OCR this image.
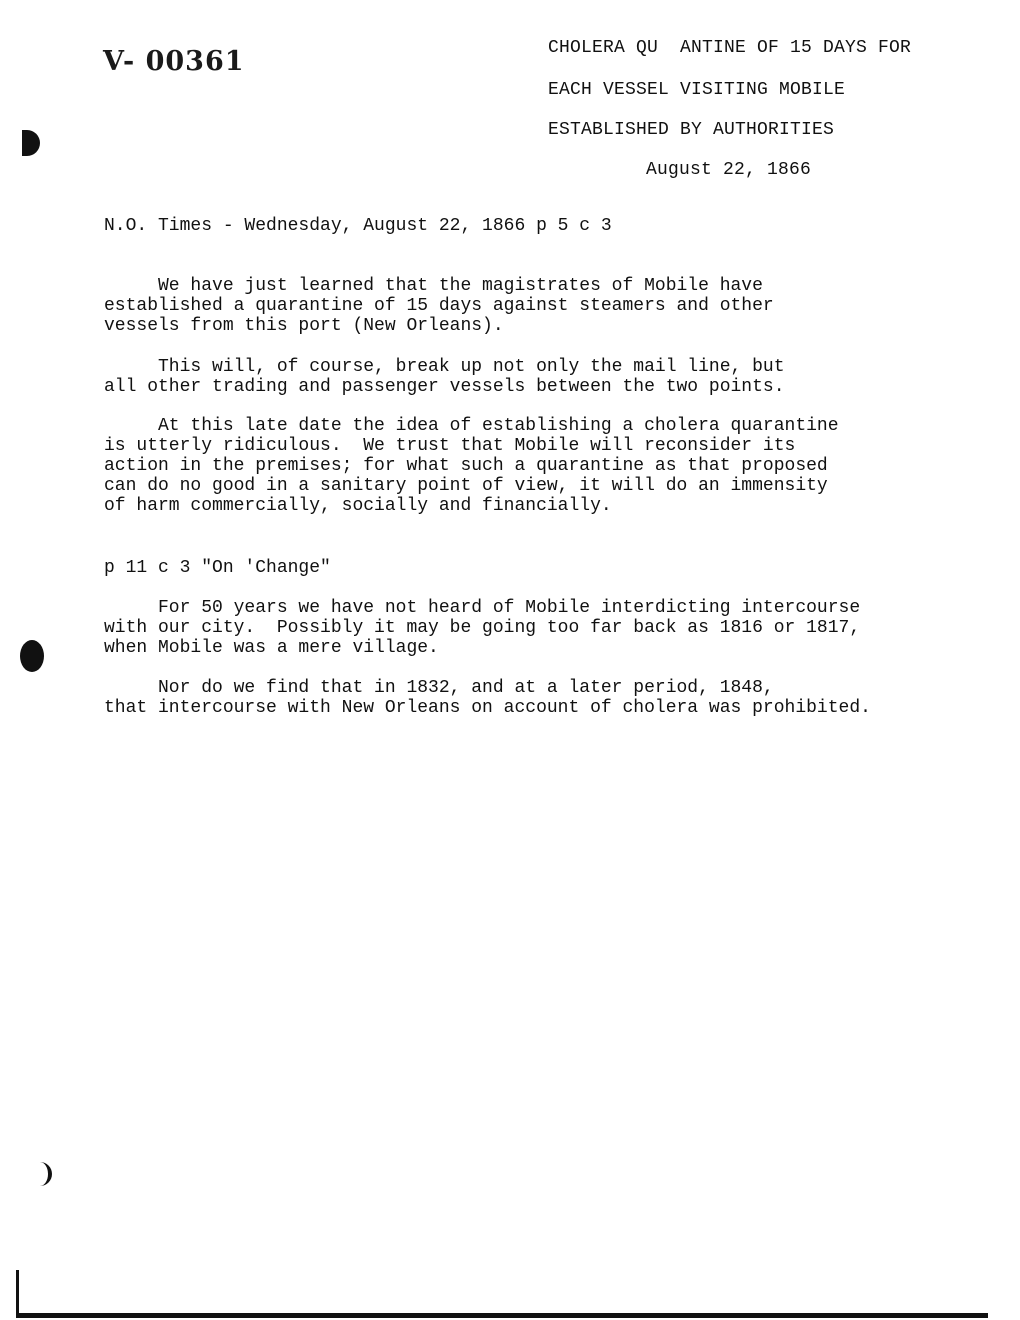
V- 00361	CHOLERA QU  ANTINE OF 15 DAYS FOR
EACH VESSEL VISITING MOBILE
ESTABLISHED BY AUTHORITIES
August 22, 1866
N.O. Times - Wednesday, August 22, 1866 p 5 c 3
We have just learned that the magistrates of Mobile have
established a quarantine of 15 days against steamers and other
vessels from this port (New Orleans).
This will, of course, break up not only the mail line, but
all other trading and passenger vessels between the two points.
At this late date the idea of establishing a cholera quarantine
is utterly ridiculous.  We trust that Mobile will reconsider its
action in the premises; for what such a quarantine as that proposed
can do no good in a sanitary point of view, it will do an immensity
of harm commercially, socially and financially.
p 11 c 3 "On 'Change"
For 50 years we have not heard of Mobile interdicting intercourse
with our city.  Possibly it may be going too far back as 1816 or 1817,
when Mobile was a mere village.
Nor do we find that in 1832, and at a later period, 1848,
that intercourse with New Orleans on account of cholera was prohibited.
